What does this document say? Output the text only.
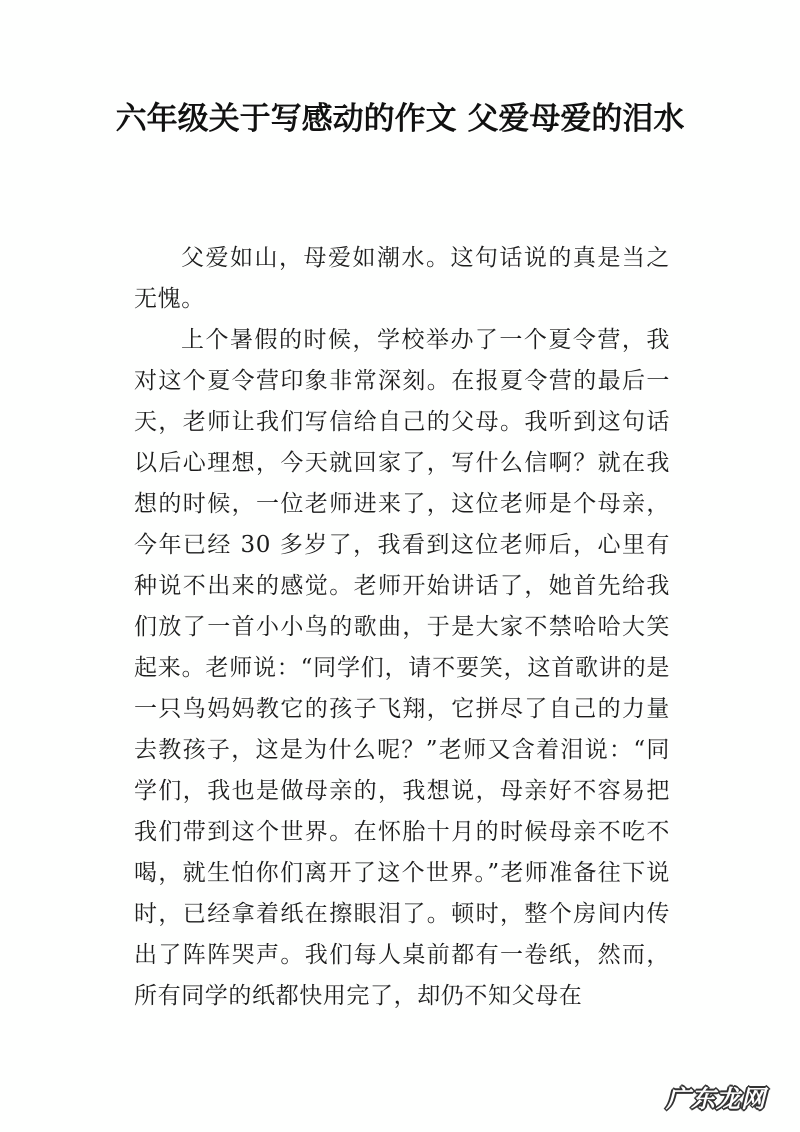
六年级关于写感动的作文 父爱母爱的泪水

父爱如山，母爱如潮水。这句话说的真是当之无愧。

上个暑假的时候，学校举办了一个夏令营，我对这个夏令营印象非常深刻。在报夏令营的最后一天，老师让我们写信给自己的父母。我听到这句话以后心理想，今天就回家了，写什么信啊？就在我想的时候，一位老师进来了，这位老师是个母亲，今年已经 30 多岁了，我看到这位老师后，心里有种说不出来的感觉。老师开始讲话了，她首先给我们放了一首小小鸟的歌曲，于是大家不禁哈哈大笑起来。老师说：“同学们，请不要笑，这首歌讲的是一只鸟妈妈教它的孩子飞翔，它拼尽了自己的力量去教孩子，这是为什么呢？”老师又含着泪说：“同学们，我也是做母亲的，我想说，母亲好不容易把我们带到这个世界。在怀胎十月的时候母亲不吃不喝，就生怕你们离开了这个世界。”老师准备往下说时，已经拿着纸在擦眼泪了。顿时，整个房间内传出了阵阵哭声。我们每人桌前都有一卷纸，然而，所有同学的纸都快用完了，却仍不知父母在

广东龙网
